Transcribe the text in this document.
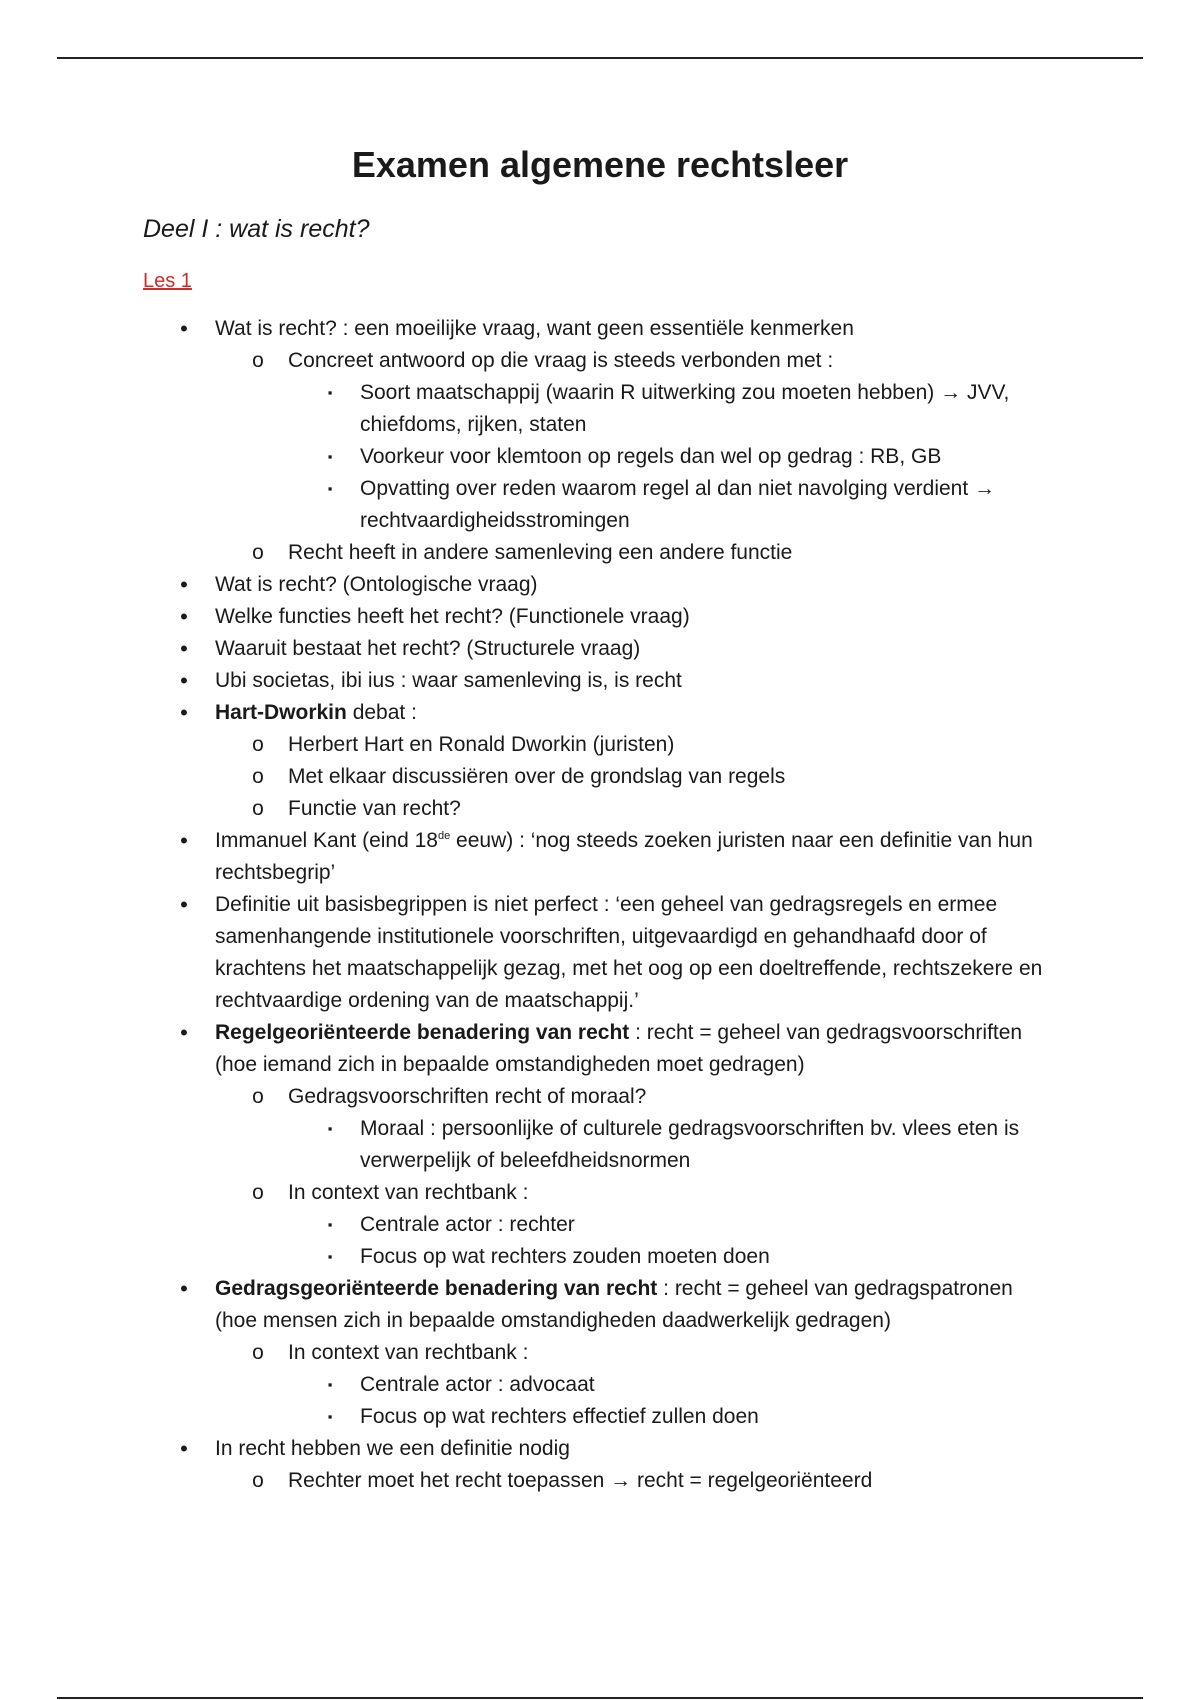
Examen algemene rechtsleer

Deel I : wat is recht?

Les 1

• Wat is recht? : een moeilijke vraag, want geen essentiële kenmerken
o Concreet antwoord op die vraag is steeds verbonden met :
▪ Soort maatschappij (waarin R uitwerking zou moeten hebben) → JVV, chiefdoms, rijken, staten
▪ Voorkeur voor klemtoon op regels dan wel op gedrag : RB, GB
▪ Opvatting over reden waarom regel al dan niet navolging verdient → rechtvaardigheidsstromingen
o Recht heeft in andere samenleving een andere functie
• Wat is recht? (Ontologische vraag)
• Welke functies heeft het recht? (Functionele vraag)
• Waaruit bestaat het recht? (Structurele vraag)
• Ubi societas, ibi ius : waar samenleving is, is recht
• Hart-Dworkin debat :
o Herbert Hart en Ronald Dworkin (juristen)
o Met elkaar discussiëren over de grondslag van regels
o Functie van recht?
• Immanuel Kant (eind 18de eeuw) : ‘nog steeds zoeken juristen naar een definitie van hun rechtsbegrip’
• Definitie uit basisbegrippen is niet perfect : ‘een geheel van gedragsregels en ermee samenhangende institutionele voorschriften, uitgevaardigd en gehandhaafd door of krachtens het maatschappelijk gezag, met het oog op een doeltreffende, rechtszekere en rechtvaardige ordening van de maatschappij.’
• Regelgeoriënteerde benadering van recht : recht = geheel van gedragsvoorschriften (hoe iemand zich in bepaalde omstandigheden moet gedragen)
o Gedragsvoorschriften recht of moraal?
▪ Moraal : persoonlijke of culturele gedragsvoorschriften bv. vlees eten is verwerpelijk of beleefdheidsnormen
o In context van rechtbank :
▪ Centrale actor : rechter
▪ Focus op wat rechters zouden moeten doen
• Gedragsgeoriënteerde benadering van recht : recht = geheel van gedragspatronen (hoe mensen zich in bepaalde omstandigheden daadwerkelijk gedragen)
o In context van rechtbank :
▪ Centrale actor : advocaat
▪ Focus op wat rechters effectief zullen doen
• In recht hebben we een definitie nodig
o Rechter moet het recht toepassen → recht = regelgeoriënteerd
